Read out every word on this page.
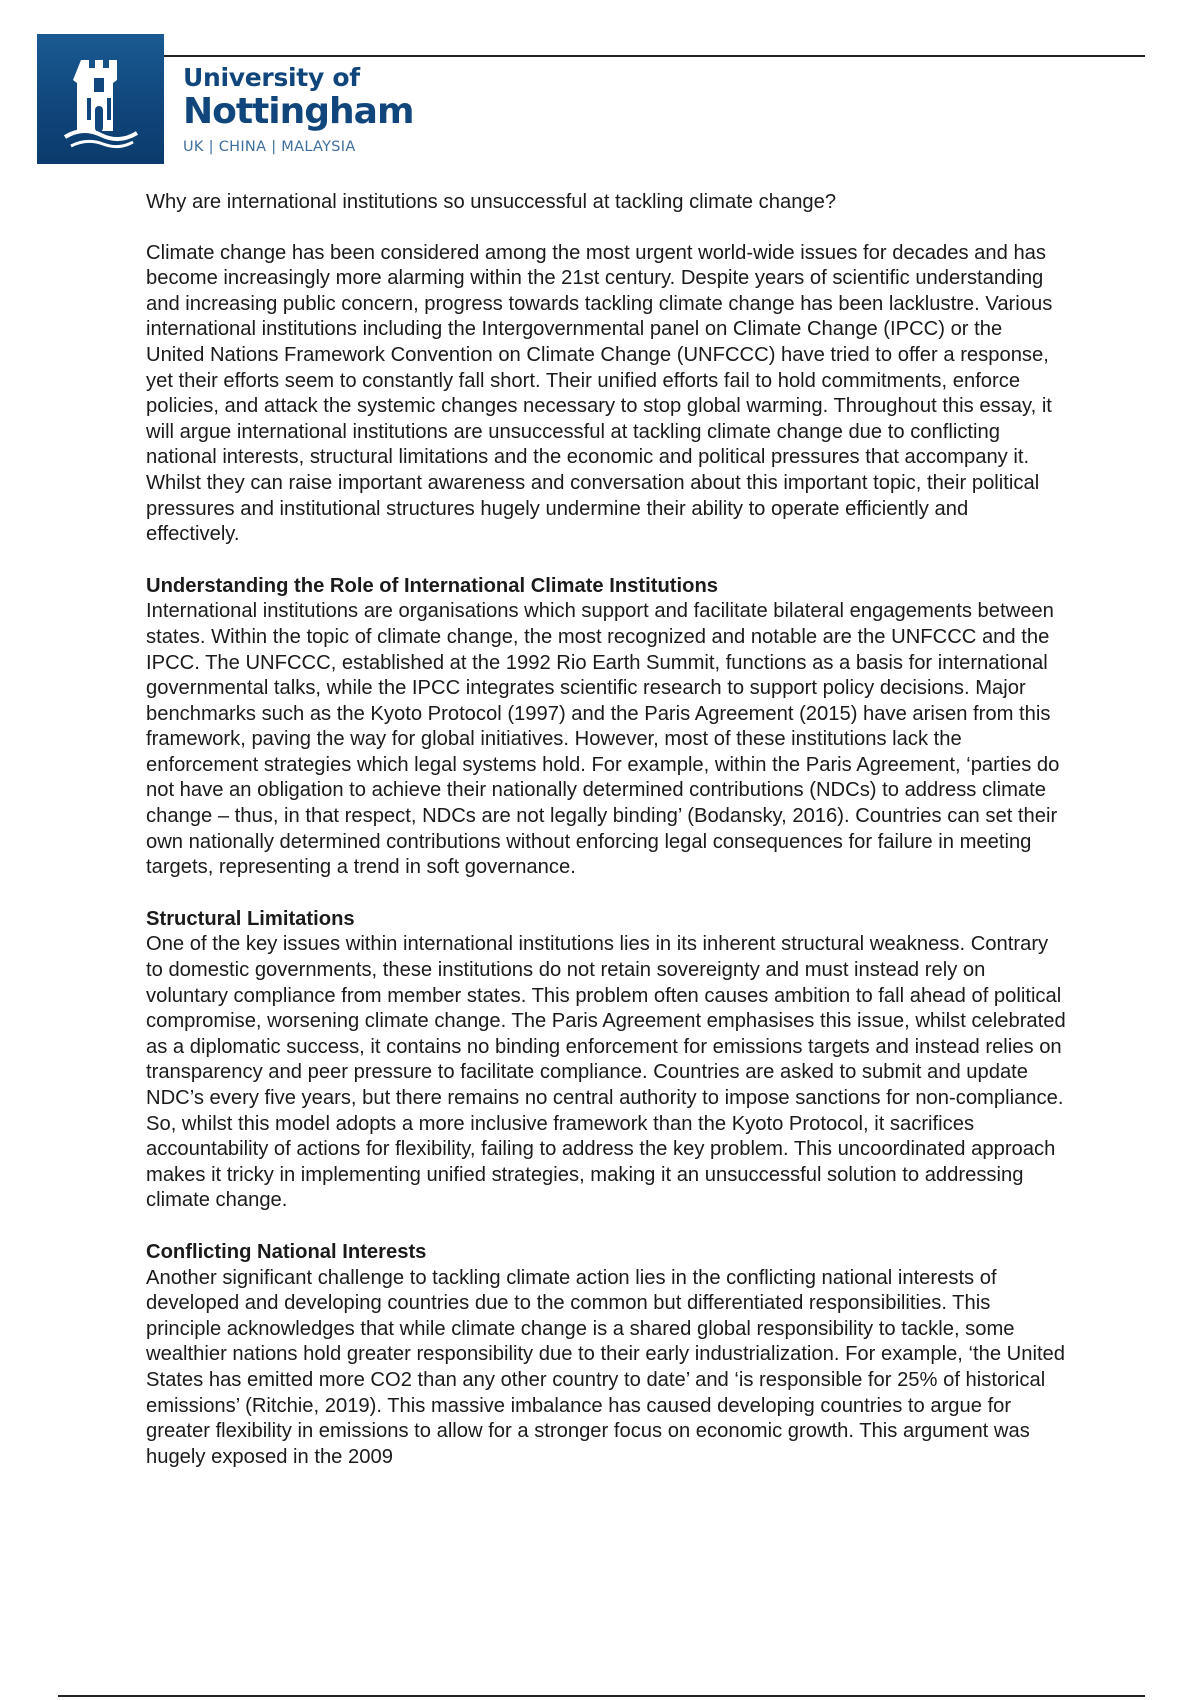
University of
Nottingham
UK | CHINA | MALAYSIA

Why are international institutions so unsuccessful at tackling climate change?

Climate change has been considered among the most urgent world-wide issues for decades and has become increasingly more alarming within the 21st century. Despite years of scientific understanding and increasing public concern, progress towards tackling climate change has been lacklustre. Various international institutions including the Intergovernmental panel on Climate Change (IPCC) or the United Nations Framework Convention on Climate Change (UNFCCC) have tried to offer a response, yet their efforts seem to constantly fall short. Their unified efforts fail to hold commitments, enforce policies, and attack the systemic changes necessary to stop global warming. Throughout this essay, it will argue international institutions are unsuccessful at tackling climate change due to conflicting national interests, structural limitations and the economic and political pressures that accompany it. Whilst they can raise important awareness and conversation about this important topic, their political pressures and institutional structures hugely undermine their ability to operate efficiently and effectively.

Understanding the Role of International Climate Institutions

International institutions are organisations which support and facilitate bilateral engagements between states. Within the topic of climate change, the most recognized and notable are the UNFCCC and the IPCC. The UNFCCC, established at the 1992 Rio Earth Summit, functions as a basis for international governmental talks, while the IPCC integrates scientific research to support policy decisions. Major benchmarks such as the Kyoto Protocol (1997) and the Paris Agreement (2015) have arisen from this framework, paving the way for global initiatives. However, most of these institutions lack the enforcement strategies which legal systems hold. For example, within the Paris Agreement, ‘parties do not have an obligation to achieve their nationally determined contributions (NDCs) to address climate change – thus, in that respect, NDCs are not legally binding’ (Bodansky, 2016). Countries can set their own nationally determined contributions without enforcing legal consequences for failure in meeting targets, representing a trend in soft governance.

Structural Limitations

One of the key issues within international institutions lies in its inherent structural weakness. Contrary to domestic governments, these institutions do not retain sovereignty and must instead rely on voluntary compliance from member states. This problem often causes ambition to fall ahead of political compromise, worsening climate change. The Paris Agreement emphasises this issue, whilst celebrated as a diplomatic success, it contains no binding enforcement for emissions targets and instead relies on transparency and peer pressure to facilitate compliance. Countries are asked to submit and update NDC’s every five years, but there remains no central authority to impose sanctions for non-compliance. So, whilst this model adopts a more inclusive framework than the Kyoto Protocol, it sacrifices accountability of actions for flexibility, failing to address the key problem. This uncoordinated approach makes it tricky in implementing unified strategies, making it an unsuccessful solution to addressing climate change.

Conflicting National Interests

Another significant challenge to tackling climate action lies in the conflicting national interests of developed and developing countries due to the common but differentiated responsibilities. This principle acknowledges that while climate change is a shared global responsibility to tackle, some wealthier nations hold greater responsibility due to their early industrialization. For example, ‘the United States has emitted more CO2 than any other country to date’ and ‘is responsible for 25% of historical emissions’ (Ritchie, 2019). This massive imbalance has caused developing countries to argue for greater flexibility in emissions to allow for a stronger focus on economic growth. This argument was hugely exposed in the 2009
